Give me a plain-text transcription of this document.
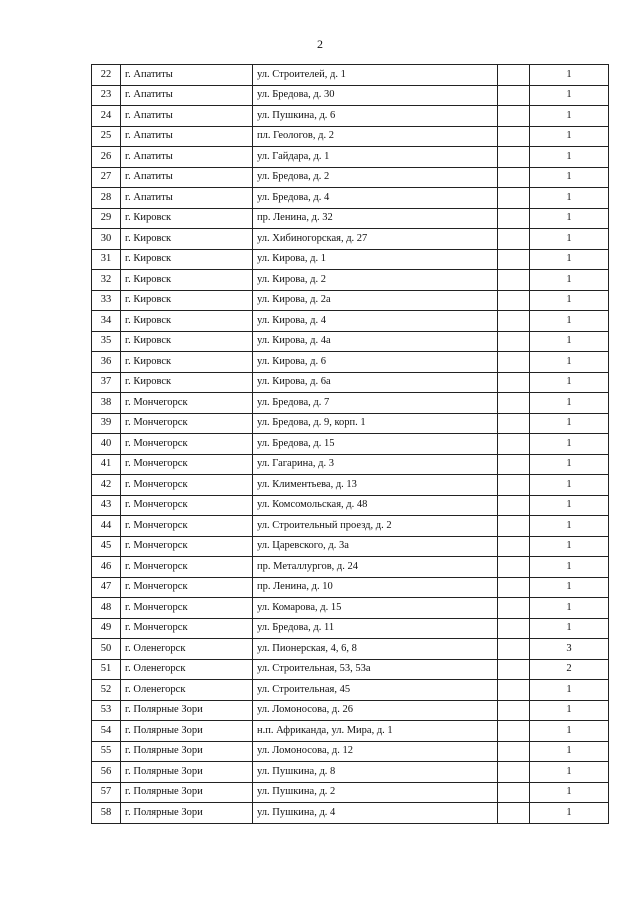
2
22	г. Апатиты	ул. Строителей, д. 1		1
23	г. Апатиты	ул. Бредова, д. 30		1
24	г. Апатиты	ул. Пушкина, д. 6		1
25	г. Апатиты	пл. Геологов, д. 2		1
26	г. Апатиты	ул. Гайдара, д. 1		1
27	г. Апатиты	ул. Бредова, д. 2		1
28	г. Апатиты	ул. Бредова, д. 4		1
29	г. Кировск	пр. Ленина, д. 32		1
30	г. Кировск	ул. Хибиногорская, д. 27		1
31	г. Кировск	ул. Кирова, д. 1		1
32	г. Кировск	ул. Кирова, д. 2		1
33	г. Кировск	ул. Кирова, д. 2а		1
34	г. Кировск	ул. Кирова, д. 4		1
35	г. Кировск	ул. Кирова, д. 4а		1
36	г. Кировск	ул. Кирова, д. 6		1
37	г. Кировск	ул. Кирова, д. 6а		1
38	г. Мончегорск	ул. Бредова, д. 7		1
39	г. Мончегорск	ул. Бредова, д. 9, корп. 1		1
40	г. Мончегорск	ул. Бредова, д. 15		1
41	г. Мончегорск	ул. Гагарина, д. 3		1
42	г. Мончегорск	ул. Климентьева, д. 13		1
43	г. Мончегорск	ул. Комсомольская, д. 48		1
44	г. Мончегорск	ул. Строительный проезд, д. 2		1
45	г. Мончегорск	ул. Царевского, д. 3а		1
46	г. Мончегорск	пр. Металлургов, д. 24		1
47	г. Мончегорск	пр. Ленина, д. 10		1
48	г. Мончегорск	ул. Комарова, д. 15		1
49	г. Мончегорск	ул. Бредова, д. 11		1
50	г. Оленегорск	ул. Пионерская, 4, 6, 8		3
51	г. Оленегорск	ул. Строительная, 53, 53а		2
52	г. Оленегорск	ул. Строительная, 45		1
53	г. Полярные Зори	ул. Ломоносова, д. 26		1
54	г. Полярные Зори	н.п. Африканда, ул. Мира, д. 1		1
55	г. Полярные Зори	ул. Ломоносова, д. 12		1
56	г. Полярные Зори	ул. Пушкина, д. 8		1
57	г. Полярные Зори	ул. Пушкина, д. 2		1
58	г. Полярные Зори	ул. Пушкина, д. 4		1
